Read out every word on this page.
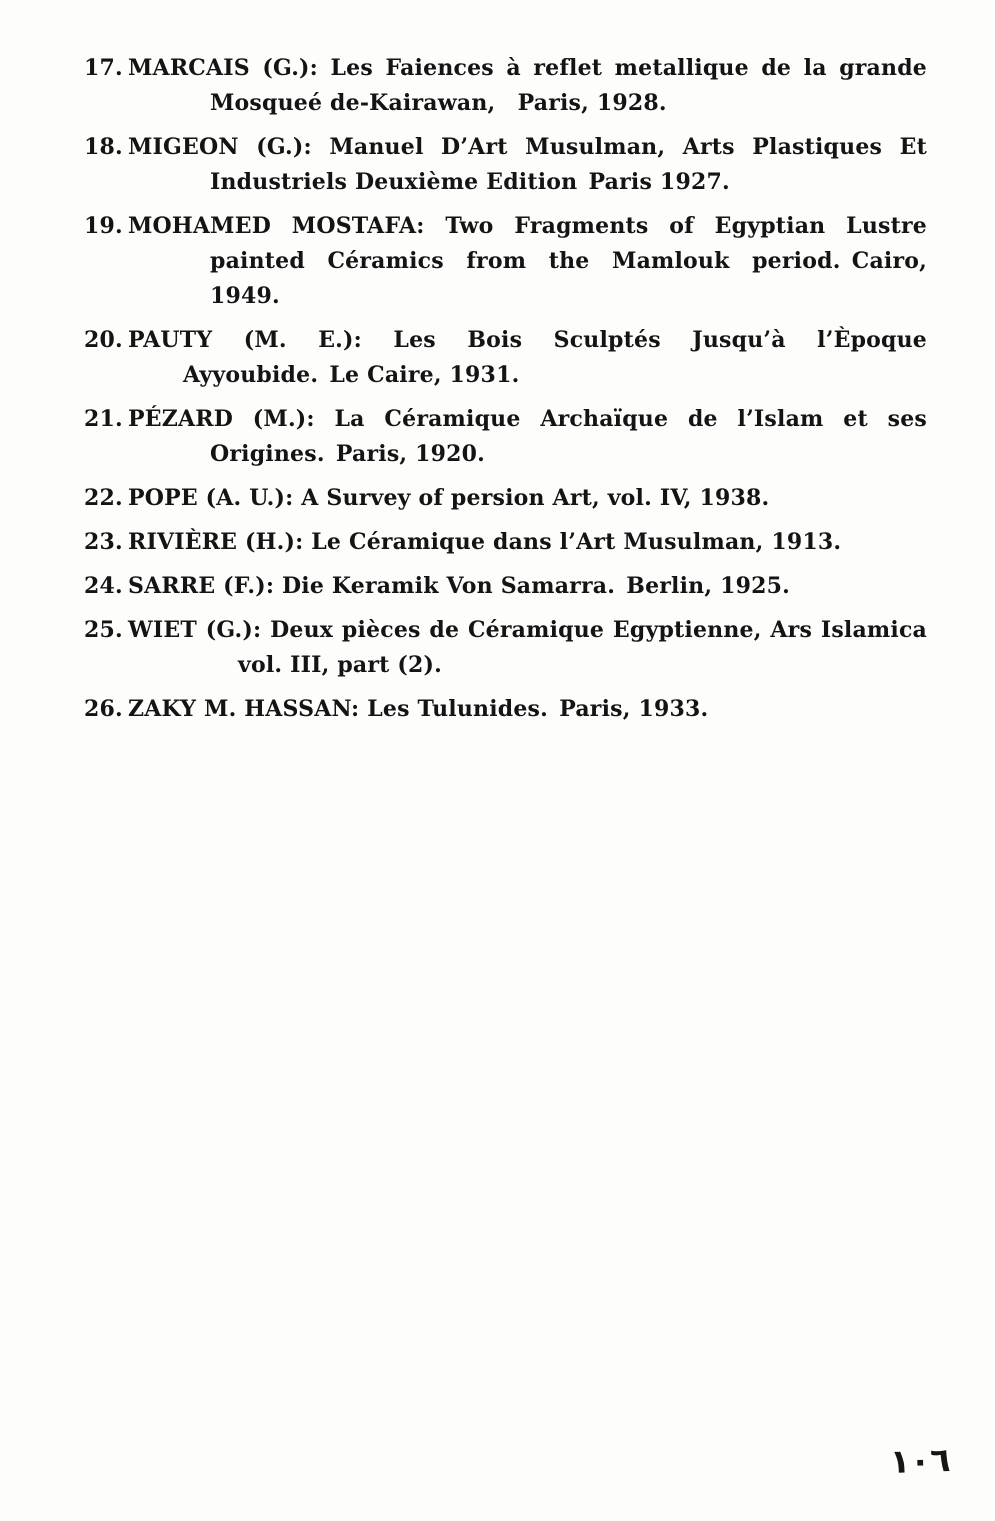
17. MARCAIS (G.): Les Faiences à reflet metallique de la grande
Mosqueé de-Kairawan, Paris, 1928.
18. MIGEON (G.): Manuel D’Art Musulman, Arts Plastiques Et
Industriels Deuxième Edition Paris 1927.
19. MOHAMED MOSTAFA: Two Fragments of Egyptian Lustre
painted Céramics from the Mamlouk period. Cairo, 1949.
20. PAUTY (M. E.): Les Bois Sculptés Jusqu’à l’Èpoque
Ayyoubide. Le Caire, 1931.
21. PÉZARD (M.): La Céramique Archaïque de l’Islam et ses
Origines. Paris, 1920.
22. POPE (A. U.): A Survey of persion Art, vol. IV, 1938.
23. RIVIÈRE (H.): Le Céramique dans l’Art Musulman, 1913.
24. SARRE (F.): Die Keramik Von Samarra. Berlin, 1925.
25. WIET (G.): Deux pièces de Céramique Egyptienne, Ars Islamica
vol. III, part (2).
26. ZAKY M. HASSAN: Les Tulunides. Paris, 1933.
١٠٦
